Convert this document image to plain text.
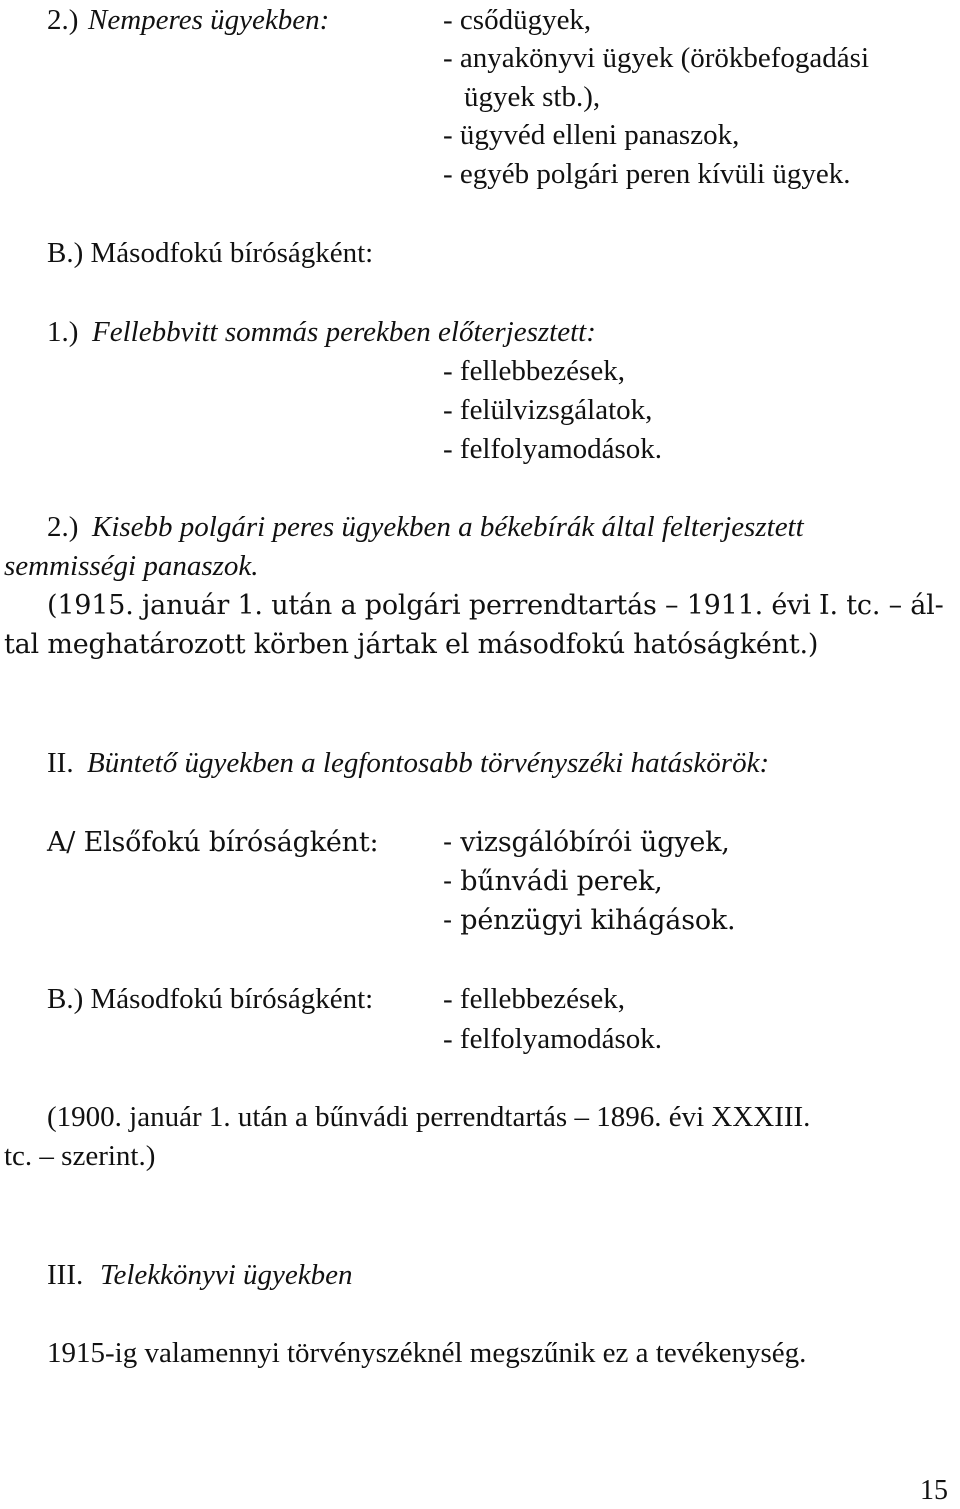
2.) Nemperes ügyekben:	- csődügyek,
- anyakönyvi ügyek (örökbefogadási
ügyek stb.),
- ügyvéd elleni panaszok,
- egyéb polgári peren kívüli ügyek.
B.) Másodfokú bíróságként:
1.) Fellebbvitt sommás perekben előterjesztett:
- fellebbezések,
- felülvizsgálatok,
- felfolyamodások.
2.) Kisebb polgári peres ügyekben a békebírák által felterjesztett
semmisségi panaszok.
(1915. január 1. után a polgári perrendtartás – 1911. évi I. tc. – ál-
tal meghatározott körben jártak el másodfokú hatóságként.)
II. Büntető ügyekben a legfontosabb törvényszéki hatáskörök:
A/ Elsőfokú bíróságként: - vizsgálóbírói ügyek,
- bűnvádi perek,
- pénzügyi kihágások.
B.) Másodfokú bíróságként: - fellebbezések,
- felfolyamodások.
(1900. január 1. után a bűnvádi perrendtartás – 1896. évi XXXIII.
tc. – szerint.)
III. Telekkönyvi ügyekben
1915-ig valamennyi törvényszéknél megszűnik ez a tevékenység.
15
